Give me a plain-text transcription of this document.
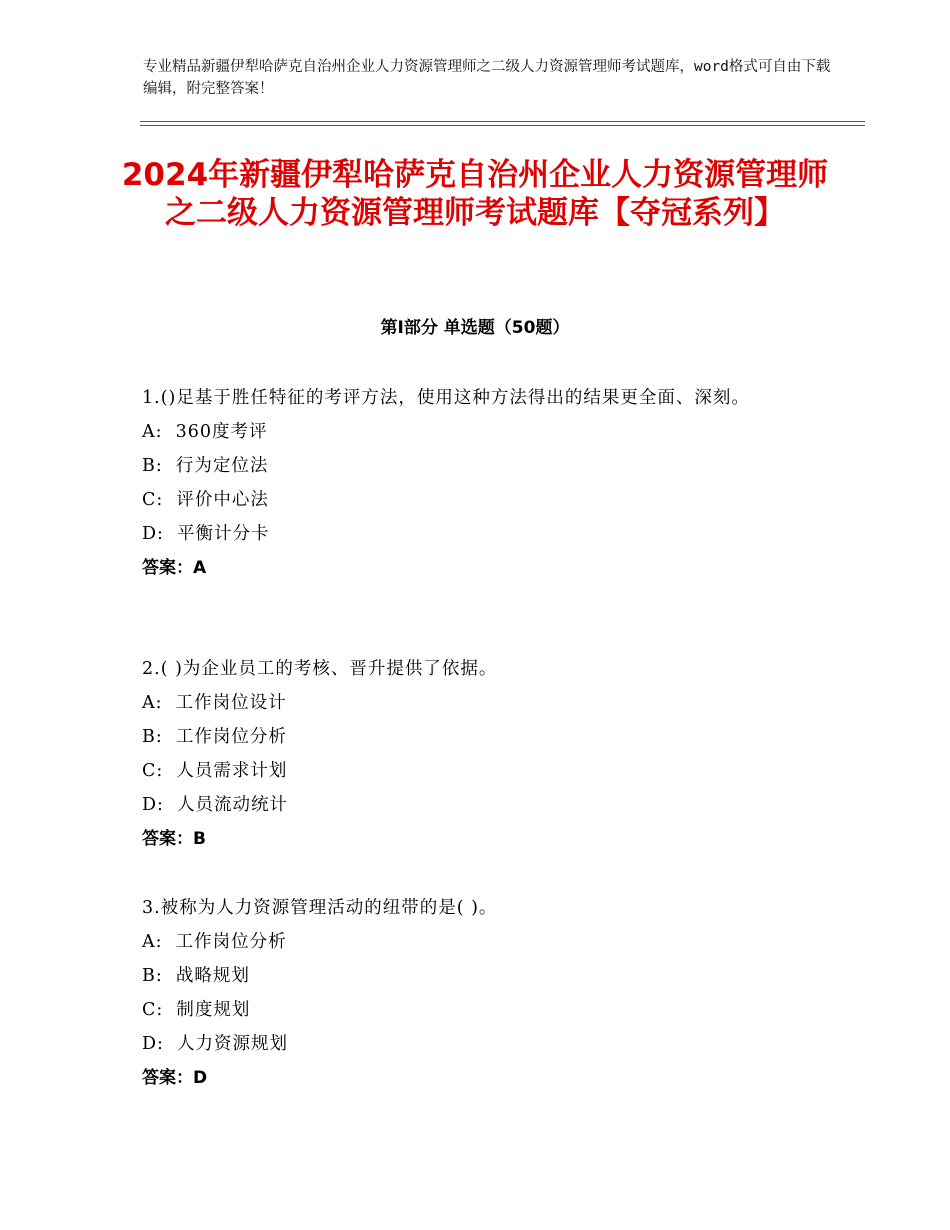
专业精品新疆伊犁哈萨克自治州企业人力资源管理师之二级人力资源管理师考试题库，word格式可自由下载编辑，附完整答案！
2024年新疆伊犁哈萨克自治州企业人力资源管理师之二级人力资源管理师考试题库【夺冠系列】
第Ⅰ部分 单选题（50题）
1.()足基于胜任特征的考评方法，使用这种方法得出的结果更全面、深刻。
A:  360度考评
B:  行为定位法
C:  评价中心法
D:  平衡计分卡
答案：A
2.( )为企业员工的考核、晋升提供了依据。
A:  工作岗位设计
B:  工作岗位分析
C:  人员需求计划
D:  人员流动统计
答案：B
3.被称为人力资源管理活动的纽带的是( )。
A:  工作岗位分析
B:  战略规划
C:  制度规划
D:  人力资源规划
答案：D
